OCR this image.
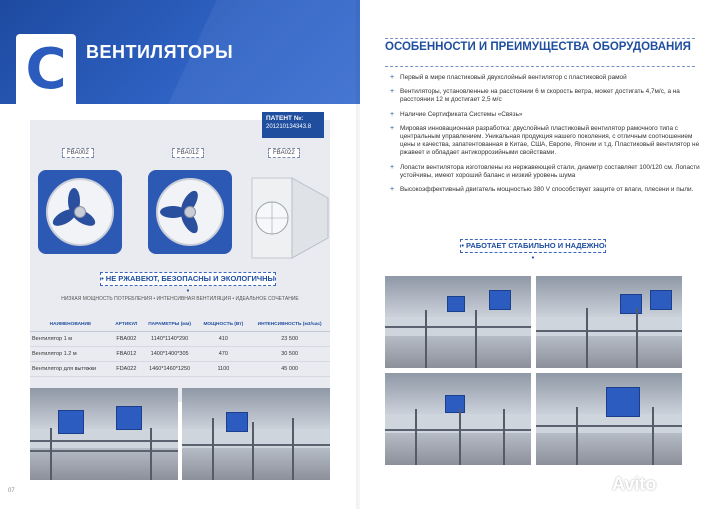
С	ВЕНТИЛЯТОРЫ
ПАТЕНТ №:
201210134343.8
FBA002	FBA012	FBA022
• НЕ РЖАВЕЮТ, БЕЗОПАСНЫ И ЭКОЛОГИЧНЫ •
НИЗКАЯ МОЩНОСТЬ ПОТРЕБЛЕНИЯ • ИНТЕНСИВНАЯ ВЕНТИЛЯЦИЯ • ИДЕАЛЬНОЕ СОЧЕТАНИЕ
НАИМЕНОВАНИЕ	АРТИКУЛ	ПАРАМЕТРЫ (мм)	МОЩНОСТЬ (Вт)	ИНТЕНСИВНОСТЬ (м3/час)
Вентилятор 1 м	FBA002	1140*1140*290	410	23 500
Вентилятор 1.2 м	FBA012	1400*1400*305	470	30 500
Вентилятор для вытяжки	FDA022	1460*1460*1250	1100	45 000
07
ОСОБЕННОСТИ И ПРЕИМУЩЕСТВА ОБОРУДОВАНИЯ
+ Первый в мире пластиковый двухслойный вентилятор с пластиковой рамой
+ Вентиляторы, установленные на расстоянии 6 м скорость ветра, может достигать 4,7м/с, а на расстоянии 12 м достигает 2,5 м/с
+ Наличие Сертификата Системы «Связь»
+ Мировая инновационная разработка: двуслойный пластиковый вентилятор рамочного типа с центральным управлением. Уникальная продукция нашего поколения, с отличным соотношением цены и качества, запатентованная в Китае, США, Европе, Японии и т.д. Пластиковый вентилятор не ржавеет и обладает антикоррозийными свойствами.
+ Лопасти вентилятора изготовлены из нержавеющей стали, диаметр составляет 100/120 см. Лопасти устойчивы, имеют хороший баланс и низкий уровень шума
+ Высокоэффективный двигатель мощностью 380 V способствует защите от влаги, плесени и пыли.
• РАБОТАЕТ СТАБИЛЬНО И НАДЕЖНО •
Avito
